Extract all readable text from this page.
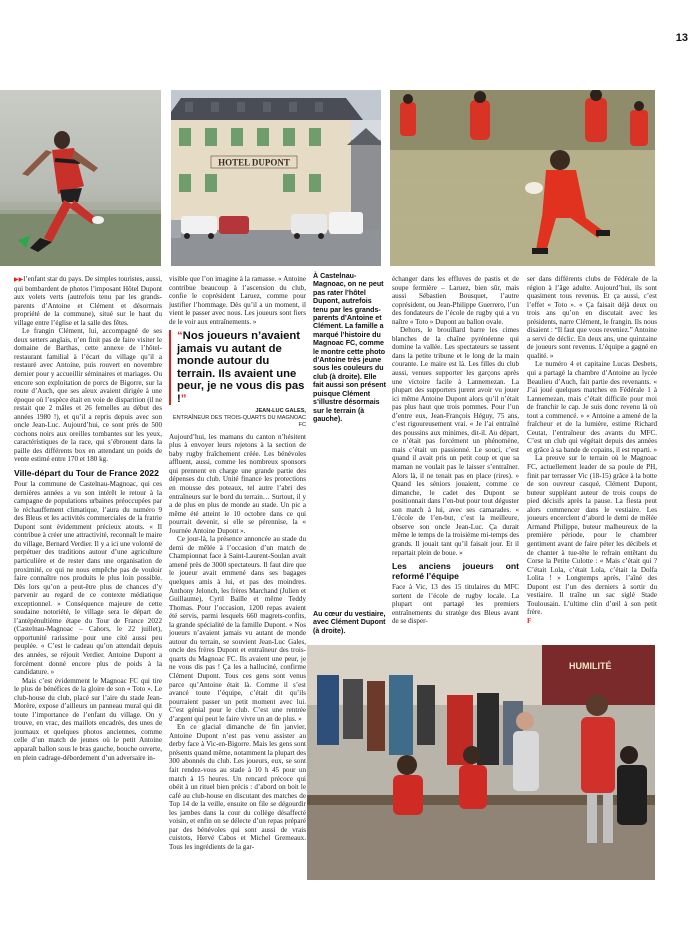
13
HOTEL DUPONT
À Castelnau-Magnoac, on ne peut pas rater l’hôtel Dupont, autrefois tenu par les grands-parents d’Antoine et Clément. La famille a marqué l’histoire du Magnoac FC, comme le montre cette photo d’Antoine très jeune sous les couleurs du club (à droite). Elle fait aussi son présent puisque Clément s’illustre désormais sur le terrain (à gauche).

▶▶l’enfant star du pays. De simples touristes, aussi, qui bombardent de photos l’imposant Hôtel Dupont aux volets verts (autrefois tenu par les grands-parents d’Antoine et Clément et désormais propriété de la commune), situé sur le haut du village entre l’église et la salle des fêtes.

Le frangin Clément, lui, accompagné de ses deux setters anglais, n’en finit pas de faire visiter le domaine de Barthas, cette annexe de l’hôtel-restaurant familial à l’écart du village qu’il a restauré avec Antoine, puis rouvert en novembre dernier pour y accueillir séminaires et mariages. Ou encore son exploitation de porcs de Bigorre, sur la route d’Auch, que ses aïeux avaient dirigée à une époque où l’espèce était en voie de disparition (il ne restait que 2 mâles et 26 femelles au début des années 1980 !), et qu’il a repris depuis avec son oncle Jean-Luc. Aujourd’hui, ce sont près de 500 cochons noirs aux oreilles tombantes sur les yeux, caractéristiques de la race, qui s’ébrouent dans la paille des différents box en attendant un poids de vente estimé entre 170 et 180 kg.

Ville-départ du Tour de France 2022

Pour la commune de Castelnau-Magnoac, qui ces dernières années a vu son intérêt le retour à la campagne de populations urbaines préoccupées par le réchauffement climatique, l’aura du numéro 9 des Bleus et les activités commerciales de la fratrie Dupont sont évidemment précieux atouts. « Il contribue à créer une attractivité, reconnaît le maire du village, Bernard Verdier. Il y a ici une volonté de perpétuer des traditions autour d’une agriculture particulière et de rester dans une organisation de proximité, ce qui ne nous empêche pas de vouloir faire connaître nos produits le plus loin possible. Dès lors qu’on a peut-être plus de chances d’y parvenir au regard de ce contexte médiatique exceptionnel. » Conséquence majeure de cette soudaine notoriété, le village sera le départ de l’antépénultième étape du Tour de France 2022 (Castelnau-Magnoac – Cahors, le 22 juillet), opportunité rarissime pour une cité aussi peu peuplée. « C’est le cadeau qu’on attendait depuis des années, se réjouit Verdier. Antoine Dupont a forcément donné encore plus de poids à la candidature. »

Mais c’est évidemment le Magnoac FC qui tire le plus de bénéfices de la gloire de son « Toto ». Le club-house du club, placé sur l’aire du stade Jean-Morère, expose d’ailleurs un panneau mural qui dit toute l’importance de l’enfant du village. On y trouve, en vrac, des maillots encadrés, des unes de journaux et quelques photos anciennes, comme celle d’un match de jeunes où le petit Antoine apparaît ballon sous le bras gauche, bouche ouverte, en plein cadrage-débordement d’un adversaire in-

visible que l’on imagine à la ramasse. « Antoine contribue beaucoup à l’ascension du club, confie le coprésident Laruez, comme pour justifier l’hommage. Dès qu’il a un moment, il vient le passer avec nous. Les joueurs sont fiers de le voir aux entraînements. »

“Nos joueurs n’avaient jamais vu autant de monde autour du terrain. Ils avaient une peur, je ne vous dis pas !”
JEAN-LUC GALES,
ENTRAÎNEUR DES TROIS-QUARTS DU MAGNOAC FC

Aujourd’hui, les mamans du canton n’hésitent plus à envoyer leurs rejetons à la section de baby rugby fraîchement créée. Les bénévoles affluent, aussi, comme les nombreux sponsors qui prennent en charge une grande partie des dépenses du club. Unité finance les protections en mousse des poteaux, tel autre l’abri des entraîneurs sur le bord du terrain… Surtout, il y a de plus en plus de monde au stade. Un pic a même été atteint le 10 octobre dans ce qui pourrait devenir, si elle se pérennise, la « Journée Antoine Dupont ».

Ce jour-là, la présence annoncée au stade du demi de mêlée à l’occasion d’un match de Championnat face à Saint-Laurent-Soulan avait amené près de 3000 spectateurs. Il faut dire que le joueur avait emmené dans ses bagages quelques amis à lui, et pas des moindres. Anthony Jelonch, les frères Marchand (Julien et Guillaume), Cyril Baille et même Teddy Thomas. Pour l’occasion, 1200 repas avaient été servis, parmi lesquels 660 magrets-confits, la grande spécialité de la famille Dupont. « Nos joueurs n’avaient jamais vu autant de monde autour du terrain, se souvient Jean-Luc Gales, oncle des frères Dupont et entraîneur des trois-quarts du Magnoac FC. Ils avaient une peur, je ne vous dis pas ! Ça les a halluciné, confirme Clément Dupont. Tous ces gens sont venus parce qu’Antoine était là. Comme il s’est avancé toute l’équipe, c’était dit qu’ils pourraient passer un petit moment avec lui. C’est génial pour le club. C’est une rentrée d’argent qui peut le faire vivre un an de plus. »

En ce glacial dimanche de fin janvier, Antoine Dupont n’est pas venu assister au derby face à Vic-en-Bigorre. Mais les gens sont présents quand même, notamment la plupart des 300 abonnés du club. Les joueurs, eux, se sont fait rendez-vous au stade à 10 h 45 pour un match à 15 heures. Un rencard précoce qui obéit à un rituel bien précis : d’abord on boit le café au club-house en discutant des matches de Top 14 de la veille, ensuite on file se dégourdir les jambes dans la cour du collège désaffecté voisin, et enfin on se délecte d’un repas préparé par des bénévoles qui sont aussi de vrais cuistots, Hervé Cabos et Michel Gremeaux. Tous les ingrédients de la gar-

échanger dans les effluves de pastis et de soupe fermière – Laruez, bien sûr, mais aussi Sébastien Bousquet, l’autre coprésident, ou Jean-Philippe Guerrero, l’un des fondateurs de l’école de rugby qui a vu naître « Toto » Dupont au ballon ovale.

Dehors, le brouillard barre les cimes blanches de la chaîne pyrénéenne qui domine la vallée. Les spectateurs se tassent dans la petite tribune et le long de la main courante. Le maire est là. Les filles du club aussi, venues supporter les garçons après une victoire facile à Lannemezan. La plupart des supporters jurent avoir vu jouer ici même Antoine Dupont alors qu’il n’était pas plus haut que trois pommes. Pour l’un d’entre eux, Jean-François Héguy, 75 ans, c’est rigoureusement vrai. « Je l’ai entraîné des poussins aux minimes, dit-il. Au départ, ce n’était pas forcément un phénomène, mais c’était un passionné. Le souci, c’est quand il avait pris un petit coup et que sa maman ne voulait pas le laisser s’entraîner. Alors là, il ne tenait pas en place (rires). » Quand les séniors jouaient, comme ce dimanche, le cadet des Dupont se positionnait dans l’en-but pour tout déguster son match à lui, avec ses camarades. « L’école de l’en-but, c’est la meilleure, observe son oncle Jean-Luc. Ça durait même le temps de la troisième mi-temps des grands. Il jouait tant qu’il faisait jour. Et il repartait plein de boue. »

Les anciens joueurs ont reformé l’équipe

Face à Vic, 13 des 15 titulaires du MFC sortent de l’école de rugby locale. La plupart ont partagé les premiers entraînements du stratège des Bleus avant de se disper-

ser dans différents clubs de Fédérale de la région à l’âge adulte. Aujourd’hui, ils sont quasiment tous revenus. Et ça aussi, c’est l’effet « Toto ». « Ça faisait déjà deux ou trois ans qu’on en discutait avec les présidents, narre Clément, le frangin. Ils nous disaient : “Il faut que vous reveniez.” Antoine a servi de déclic. En deux ans, une quinzaine de joueurs sont revenus. L’équipe a gagné en qualité. »

Le numéro 4 et capitaine Lucas Desbets, qui a partagé la chambre d’Antoine au lycée Beaulieu d’Auch, fait partie des revenants. « J’ai joué quelques matches en Fédérale 1 à Lannemezan, mais c’était difficile pour moi de franchir le cap. Je suis donc revenu là où tout a commencé. » « Antoine a amené de la fraîcheur et de la lumière, estime Richard Ceutat, l’entraîneur des avants du MFC. C’est un club qui végétait depuis des années et grâce à sa bande de copains, il est reparti. »

La preuve sur le terrain où le Magnoac FC, actuellement leader de sa poule de PH, finit par terrasser Vic (18-15) grâce à la botte de son ouvreur casqué, Clément Dupont, buteur suppléant auteur de trois coups de pied décisifs après la pause. La fiesta peut alors commencer dans le vestiaire. Les joueurs encerclent d’abord le demi de mêlée Armand Philippe, buteur malheureux de la première période, pour le chambrer gentiment avant de faire péter les décibels et de chanter à tue-tête le refrain entêtant du Corse la Petite Culotte : « Mais c’était qui ? C’était Lola, c’était Lola, c’était la Dolfa Lolita ! » Longtemps après, l’aîné des Dupont est l’un des derniers à sortir du vestiaire. Il traîne un sac siglé Stade Toulousain. L’ultime clin d’œil à son petit frère.

F
Au cœur du vestiaire, avec Clément Dupont (à droite).
HUMILITÉ
